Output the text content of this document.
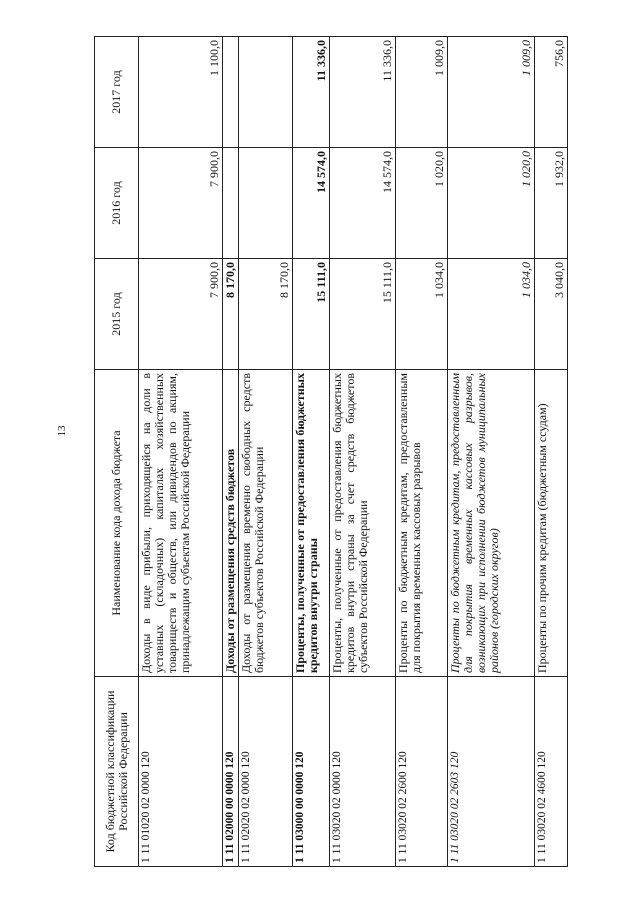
13
Код бюджетной классификации Российской Федерации	Наименование кода дохода бюджета	2015 год	2016 год	2017 год
1 11 01020 02 0000 120	Доходы в виде прибыли, приходящейся на доли в уставных (складочных) капиталах хозяйственных товариществ и обществ, или дивидендов по акциям, принадлежащим субъектам Российской Федерации	7 900,0	7 900,0	1 100,0
1 11 02000 00 0000 120	Доходы от размещения средств бюджетов	8 170,0		
1 11 02020 02 0000 120	Доходы от размещения временно свободных средств бюджетов субъектов Российской Федерации	8 170,0		
1 11 03000 00 0000 120	Проценты, полученные от предоставления бюджетных кредитов внутри страны	15 111,0	14 574,0	11 336,0
1 11 03020 02 0000 120	Проценты, полученные от предоставления бюджетных кредитов внутри страны за счет средств бюджетов субъектов Российской Федерации	15 111,0	14 574,0	11 336,0
1 11 03020 02 2600 120	Проценты по бюджетным кредитам, предоставленным для покрытия временных кассовых разрывов	1 034,0	1 020,0	1 009,0
1 11 03020 02 2603 120	Проценты по бюджетным кредитам, предоставленным для покрытия временных кассовых разрывов, возникающих при исполнении бюджетов муниципальных районов (городских округов)	1 034,0	1 020,0	1 009,0
1 11 03020 02 4600 120	Проценты по прочим кредитам (бюджетным ссудам)	3 040,0	1 932,0	756,0
